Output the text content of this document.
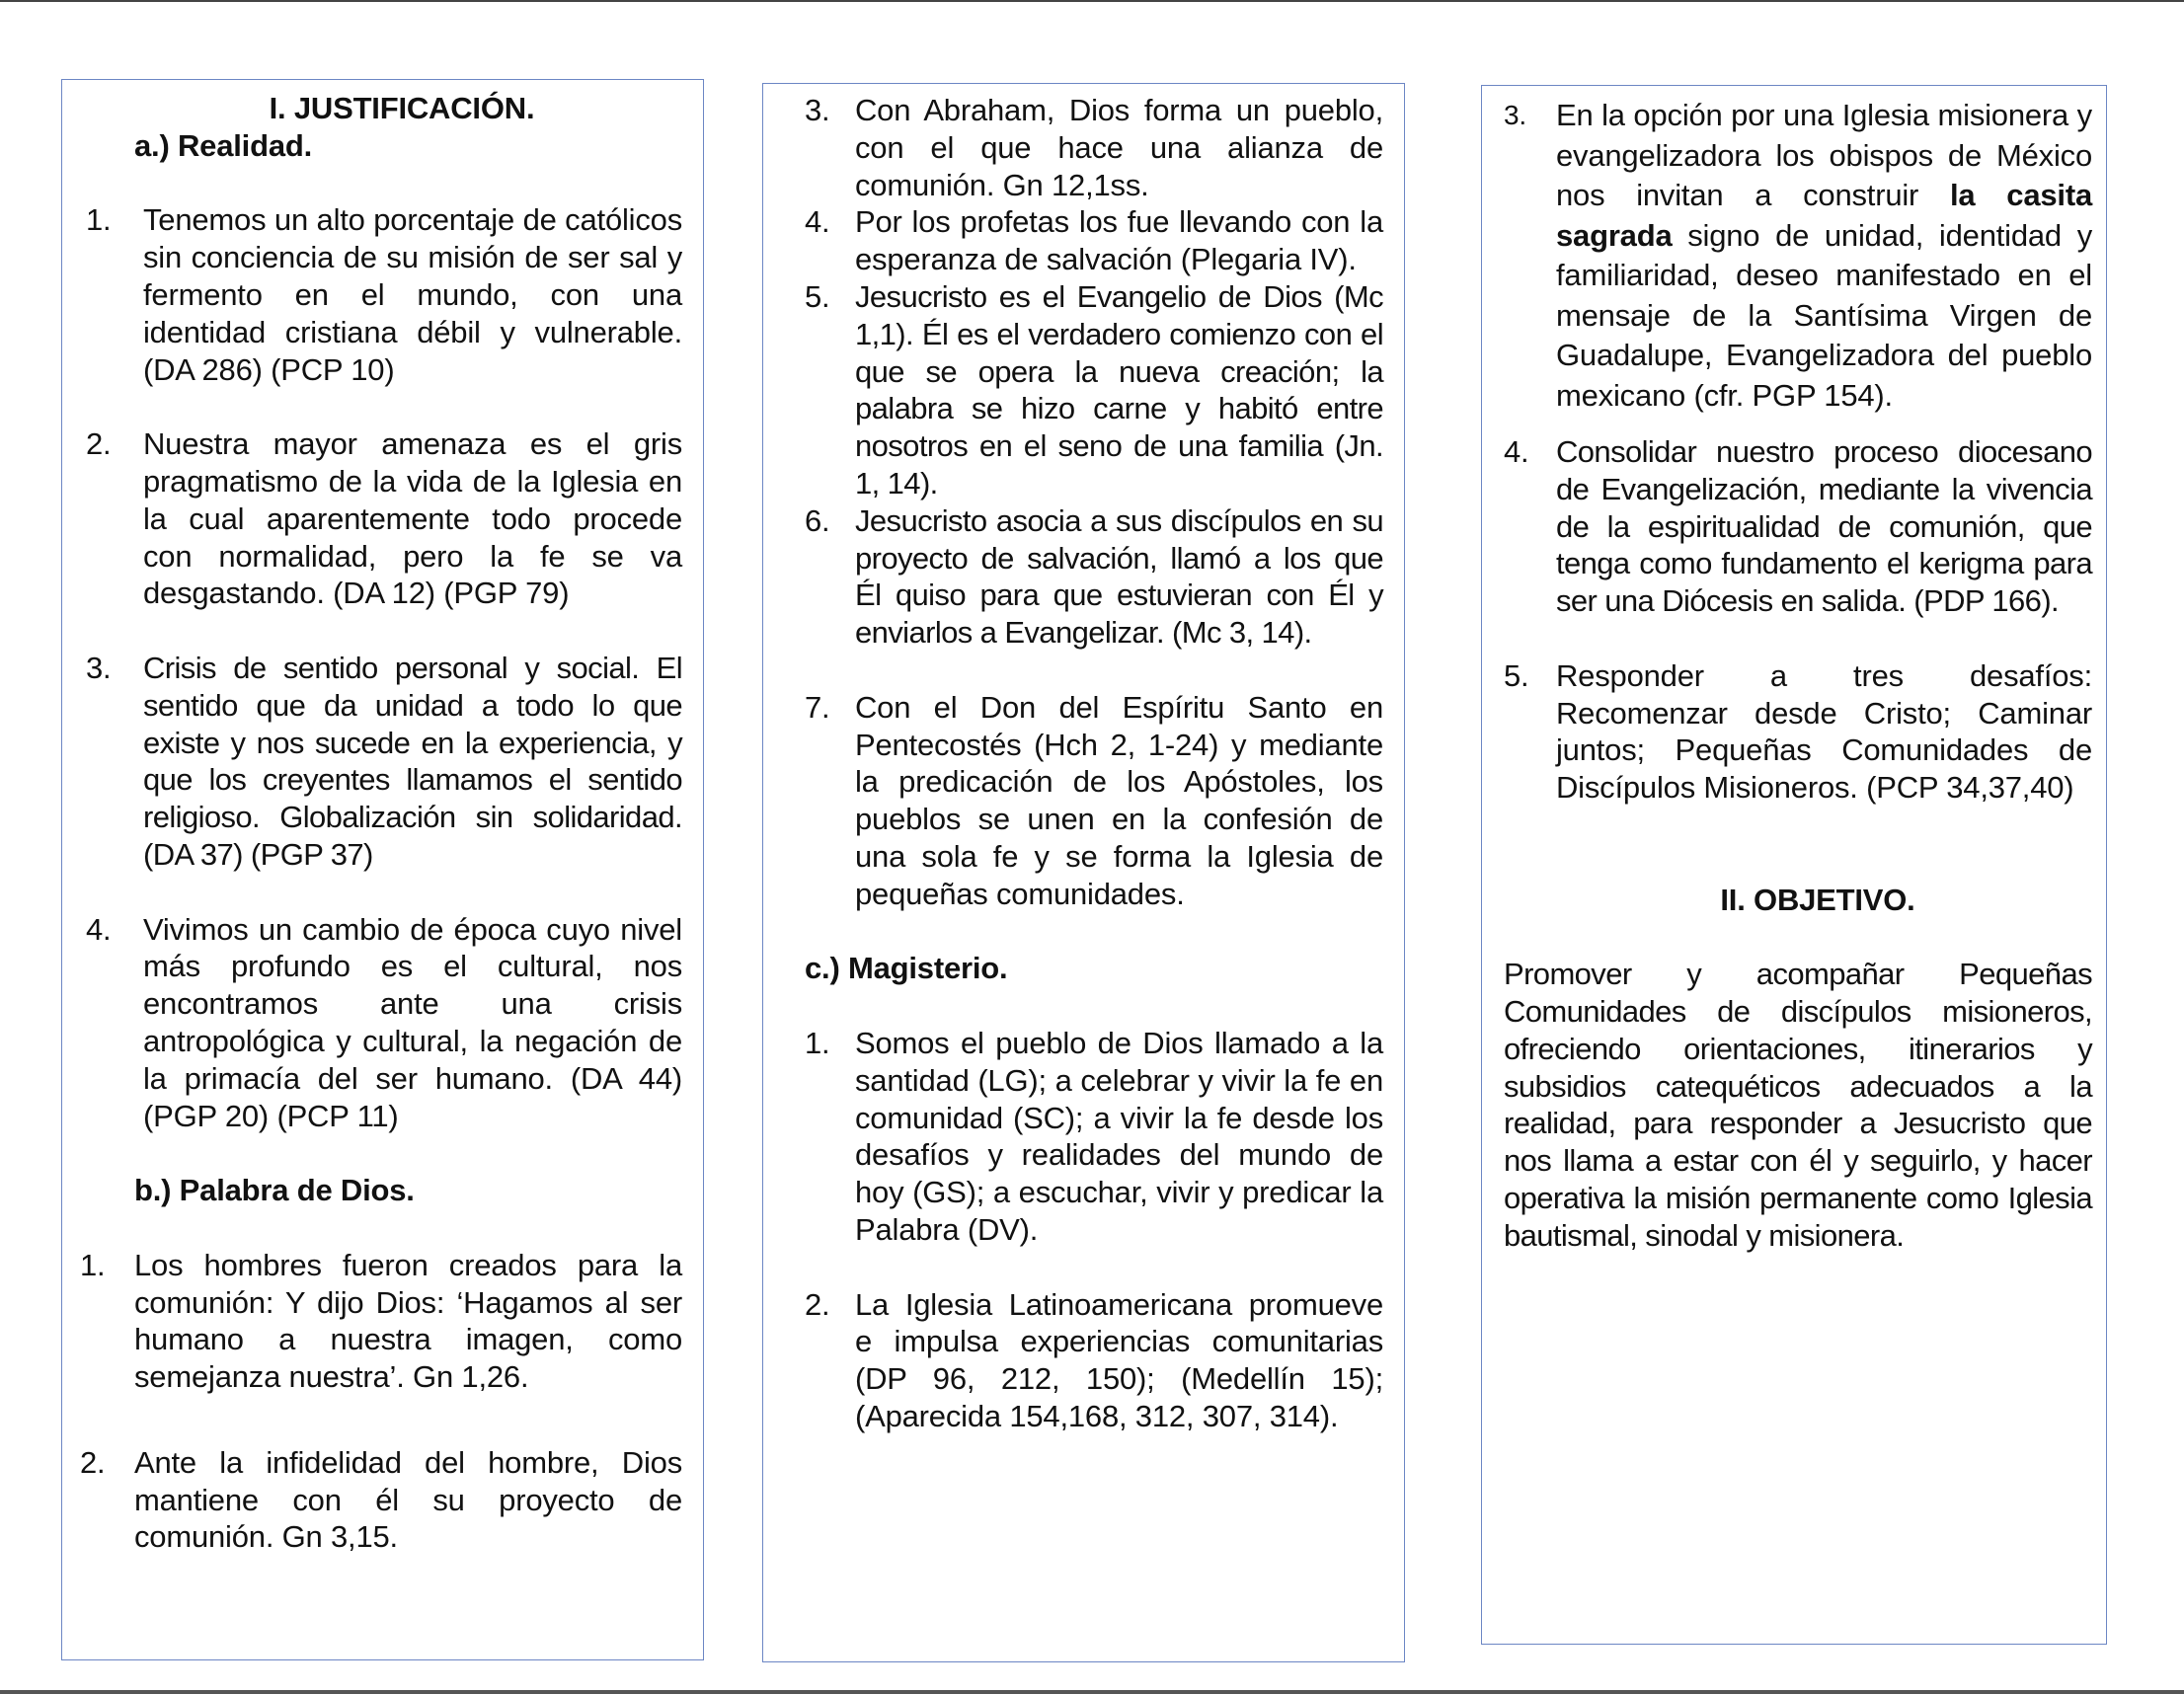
I. JUSTIFICACIÓN.
a.) Realidad.
1. Tenemos un alto porcentaje de católicos sin conciencia de su misión de ser sal y fermento en el mundo, con una identidad cristiana débil y vulnerable. (DA 286) (PCP 10)
2. Nuestra mayor amenaza es el gris pragmatismo de la vida de la Iglesia en la cual aparentemente todo procede con normalidad, pero la fe se va desgastando. (DA 12) (PGP 79)
3. Crisis de sentido personal y social. El sentido que da unidad a todo lo que existe y nos sucede en la experiencia, y que los creyentes llamamos el sentido religioso. Globalización sin solidaridad. (DA 37) (PGP 37)
4. Vivimos un cambio de época cuyo nivel más profundo es el cultural, nos encontramos ante una crisis antropológica y cultural, la negación de la primacía del ser humano. (DA 44) (PGP 20) (PCP 11)
b.) Palabra de Dios.
1. Los hombres fueron creados para la comunión: Y dijo Dios: ‘Hagamos al ser humano a nuestra imagen, como semejanza nuestra’. Gn 1,26.
2. Ante la infidelidad del hombre, Dios mantiene con él su proyecto de comunión. Gn 3,15.
3. Con Abraham, Dios forma un pueblo, con el que hace una alianza de comunión. Gn 12,1ss.
4. Por los profetas los fue llevando con la esperanza de salvación (Plegaria IV).
5. Jesucristo es el Evangelio de Dios (Mc 1,1). Él es el verdadero comienzo con el que se opera la nueva creación; la palabra se hizo carne y habitó entre nosotros en el seno de una familia (Jn. 1, 14).
6. Jesucristo asocia a sus discípulos en su proyecto de salvación, llamó a los que Él quiso para que estuvieran con Él y enviarlos a Evangelizar. (Mc 3, 14).
7. Con el Don del Espíritu Santo en Pentecostés (Hch 2, 1-24) y mediante la predicación de los Apóstoles, los pueblos se unen en la confesión de una sola fe y se forma la Iglesia de pequeñas comunidades.
c.) Magisterio.
1. Somos el pueblo de Dios llamado a la santidad (LG); a celebrar y vivir la fe en comunidad (SC); a vivir la fe desde los desafíos y realidades del mundo de hoy (GS); a escuchar, vivir y predicar la Palabra (DV).
2. La Iglesia Latinoamericana promueve e impulsa experiencias comunitarias (DP 96, 212, 150); (Medellín 15); (Aparecida 154,168, 312, 307, 314).
3. En la opción por una Iglesia misionera y evangelizadora los obispos de México nos invitan a construir la casita sagrada signo de unidad, identidad y familiaridad, deseo manifestado en el mensaje de la Santísima Virgen de Guadalupe, Evangelizadora del pueblo mexicano (cfr. PGP 154).
4. Consolidar nuestro proceso diocesano de Evangelización, mediante la vivencia de la espiritualidad de comunión, que tenga como fundamento el kerigma para ser una Diócesis en salida. (PDP 166).
5. Responder a tres desafíos: Recomenzar desde Cristo; Caminar juntos; Pequeñas Comunidades de Discípulos Misioneros. (PCP 34,37,40)
II. OBJETIVO.
Promover y acompañar Pequeñas Comunidades de discípulos misioneros, ofreciendo orientaciones, itinerarios y subsidios catequéticos adecuados a la realidad, para responder a Jesucristo que nos llama a estar con él y seguirlo, y hacer operativa la misión permanente como Iglesia bautismal, sinodal y misionera.
